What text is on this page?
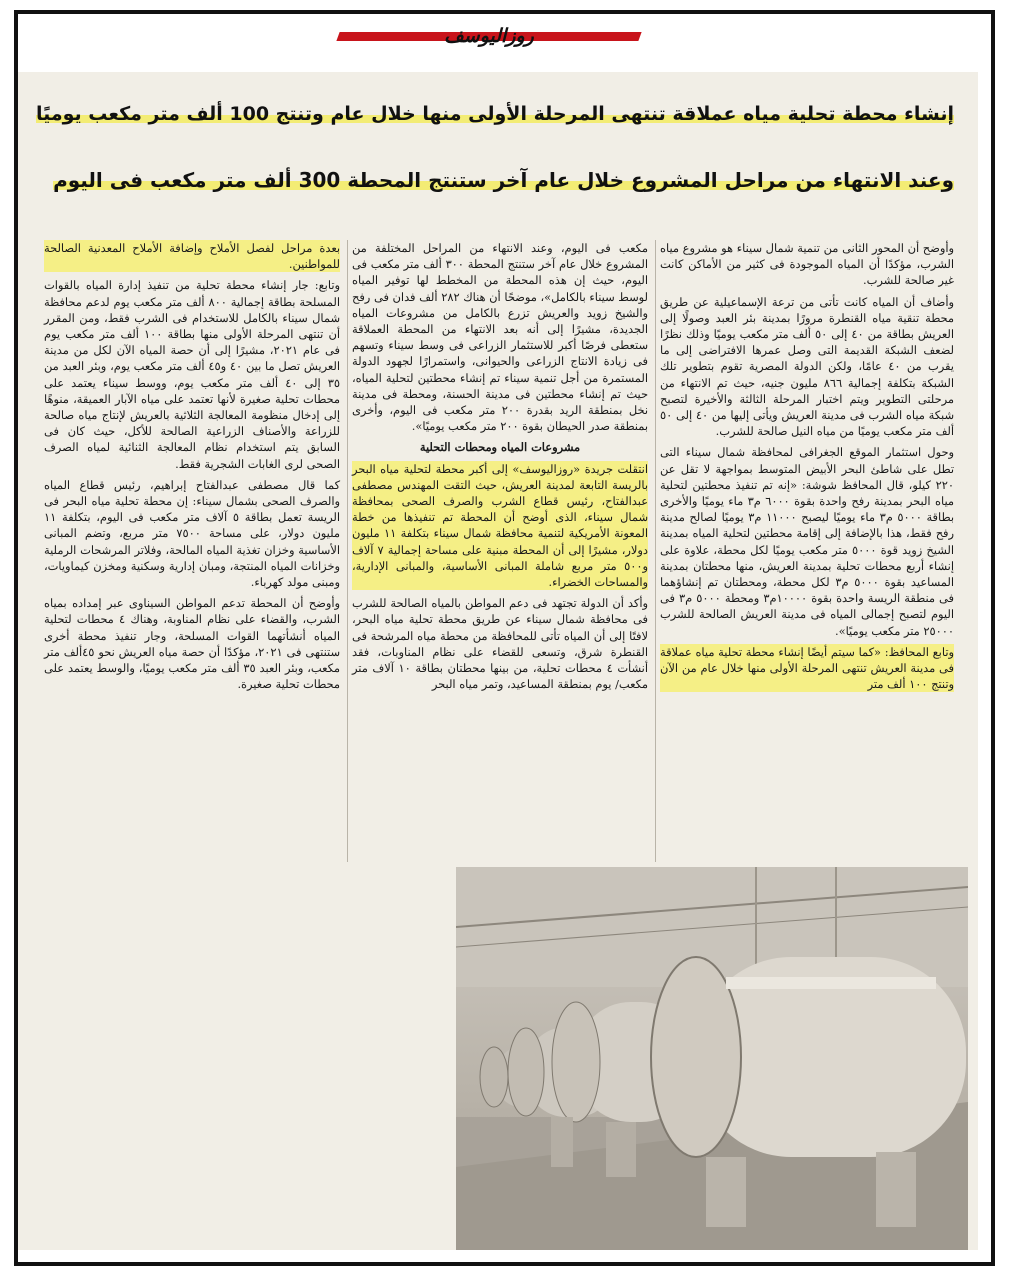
روزاليوسف
إنشاء محطة تحلية مياه عملاقة تنتهى المرحلة الأولى منها خلال عام وتنتج 100 ألف متر مكعب يوميًا
وعند الانتهاء من مراحل المشروع خلال عام آخر ستنتج المحطة 300 ألف متر مكعب فى اليوم

وأوضح أن المحور الثانى من تنمية شمال سيناء هو مشروع مياه الشرب، مؤكدًا أن المياه الموجودة فى كثير من الأماكن كانت غير صالحة للشرب.

وأضاف أن المياه كانت تأتى من ترعة الإسماعيلية عن طريق محطة تنقية مياه القنطرة مرورًا بمدينة بئر العبد وصولًا إلى العريش بطاقة من ٤٠ إلى ٥٠ ألف متر مكعب يوميًا وذلك نظرًا لضعف الشبكة القديمة التى وصل عمرها الافتراضى إلى ما يقرب من ٤٠ عامًا، ولكن الدولة المصرية تقوم بتطوير تلك الشبكة بتكلفة إجمالية ٨٦٦ مليون جنيه، حيث تم الانتهاء من مرحلتى التطوير ويتم اختبار المرحلة الثالثة والأخيرة لتصبح شبكة مياه الشرب فى مدينة العريش ويأتى إليها من ٤٠ إلى ٥٠ ألف متر مكعب يوميًا من مياه النيل صالحة للشرب.

وحول استثمار الموقع الجغرافى لمحافظة شمال سيناء التى تطل على شاطئ البحر الأبيض المتوسط بمواجهة لا تقل عن ٢٢٠ كيلو، قال المحافظ شوشة: «إنه تم تنفيذ محطتين لتحلية مياه البحر بمدينة رفح واحدة بقوة ٦٠٠٠ م٣ ماء يوميًا والأخرى بطاقة ٥٠٠٠ م٣ ماء يوميًا ليصبح ١١٠٠٠ م٣ يوميًا لصالح مدينة رفح فقط، هذا بالإضافة إلى إقامة محطتين لتحلية المياه بمدينة الشيخ زويد قوة ٥٠٠٠ متر مكعب يوميًا لكل محطة، علاوة على إنشاء أربع محطات تحلية بمدينة العريش، منها محطتان بمدينة المساعيد بقوة ٥٠٠٠ م٣ لكل محطة، ومحطتان تم إنشاؤهما فى منطقة الريسة واحدة بقوة ١٠٠٠٠م٣ ومحطة ٥٠٠٠ م٣ فى اليوم لتصبح إجمالى المياه فى مدينة العريش الصالحة للشرب ٢٥٠٠٠ متر مكعب يوميًا».

وتابع المحافظ: «كما سيتم أيضًا إنشاء محطة تحلية مياه عملاقة فى مدينة العريش تنتهى المرحلة الأولى منها خلال عام من الآن وتنتج ١٠٠ ألف متر

مكعب فى اليوم، وعند الانتهاء من المراحل المختلفة من المشروع خلال عام آخر ستنتج المحطة ٣٠٠ ألف متر مكعب فى اليوم، حيث إن هذه المحطة من المخطط لها توفير المياه لوسط سيناء بالكامل»، موضحًا أن هناك ٢٨٢ ألف فدان فى رفح والشيخ زويد والعريش تزرع بالكامل من مشروعات المياه الجديدة، مشيرًا إلى أنه بعد الانتهاء من المحطة العملاقة ستعطى فرصًا أكبر للاستثمار الزراعى فى وسط سيناء وتسهم فى زيادة الانتاج الزراعى والحيوانى، واستمرارًا لجهود الدولة المستمرة من أجل تنمية سيناء تم إنشاء محطتين لتحلية المياه، حيث تم إنشاء محطتين فى مدينة الحسنة، ومحطة فى مدينة نخل بمنطقة الريد بقدرة ٢٠٠ متر مكعب فى اليوم، وأخرى بمنطقة صدر الحيطان بقوة ٢٠٠ متر مكعب يوميًا».

مشروعات المياه ومحطات التحلية

انتقلت جريدة «روزاليوسف» إلى أكبر محطة لتحلية مياه البحر بالريسة التابعة لمدينة العريش، حيث التقت المهندس مصطفى عبدالفتاح، رئيس قطاع الشرب والصرف الصحى بمحافظة شمال سيناء، الذى أوضح أن المحطة تم تنفيذها من خطة المعونة الأمريكية لتنمية محافظة شمال سيناء بتكلفة ١١ مليون دولار، مشيرًا إلى أن المحطة مبنية على مساحة إجمالية ٧ آلاف و٥٠٠ متر مربع شاملة المبانى الأساسية، والمبانى الإدارية، والمساحات الخضراء.

وأكد أن الدولة تجتهد فى دعم المواطن بالمياه الصالحة للشرب فى محافظة شمال سيناء عن طريق محطة تحلية مياه البحر، لافتًا إلى أن المياه تأتى للمحافظة من محطة مياه المرشحة فى القنطرة شرق، وتسعى للقضاء على نظام المناوبات، فقد أنشأت ٤ محطات تحلية، من بينها محطتان بطاقة ١٠ آلاف متر مكعب/ يوم بمنطقة المساعيد، وتمر مياه البحر

بعدة مراحل لفصل الأملاح وإضافة الأملاح المعدنية الصالحة للمواطنين.

وتابع: جار إنشاء محطة تحلية من تنفيذ إدارة المياه بالقوات المسلحة بطاقة إجمالية ٨٠٠ ألف متر مكعب يوم لدعم محافظة شمال سيناء بالكامل للاستخدام فى الشرب فقط، ومن المقرر أن تنتهى المرحلة الأولى منها بطاقة ١٠٠ ألف متر مكعب يوم فى عام ٢٠٢١، مشيرًا إلى أن حصة المياه الآن لكل من مدينة العريش تصل ما بين ٤٠ و٤٥ ألف متر مكعب يوم، وبئر العبد من ٣٥ إلى ٤٠ ألف متر مكعب يوم، ووسط سيناء يعتمد على محطات تحلية صغيرة لأنها تعتمد على مياه الآبار العميقة، منوهًا إلى إدخال منظومة المعالجة الثلاثية بالعريش لإنتاج مياه صالحة للزراعة والأصناف الزراعية الصالحة للأكل، حيث كان فى السابق يتم استخدام نظام المعالجة الثنائية لمياه الصرف الصحى لرى الغابات الشجرية فقط.

كما قال مصطفى عبدالفتاح إبراهيم، رئيس قطاع المياه والصرف الصحى بشمال سيناء: إن محطة تحلية مياه البحر فى الريسة تعمل بطاقة ٥ آلاف متر مكعب فى اليوم، بتكلفة ١١ مليون دولار، على مساحة ٧٥٠٠ متر مربع، وتضم المبانى الأساسية وخزان تغذية المياه المالحة، وفلاتر المرشحات الرملية وخزانات المياه المنتجة، ومبان إدارية وسكنية ومخزن كيماويات، ومبنى مولد كهرباء.

وأوضح أن المحطة تدعم المواطن السيناوى عبر إمداده بمياه الشرب، والقضاء على نظام المناوبة، وهناك ٤ محطات لتحلية المياه أنشأتهما القوات المسلحة، وجار تنفيذ محطة أخرى ستنتهى فى ٢٠٢١، مؤكدًا أن حصة مياه العريش نحو ٤٥ألف متر مكعب، وبئر العبد ٣٥ ألف متر مكعب يوميًا، والوسط يعتمد على محطات تحلية صغيرة.
